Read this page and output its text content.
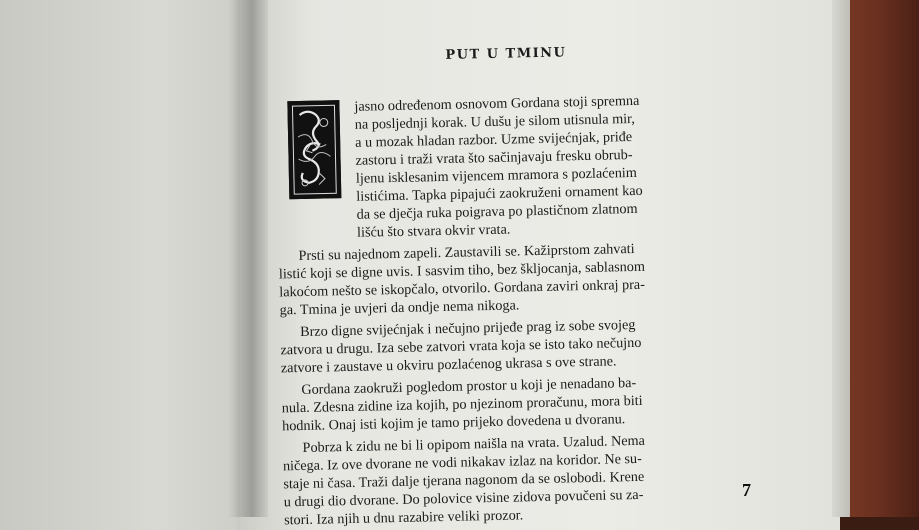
PUT U TMINU
jasno određenom osnovom Gordana stoji spremna
na posljednji korak. U dušu je silom utisnula mir,
a u mozak hladan razbor. Uzme svijećnjak, priđe
zastoru i traži vrata što sačinjavaju fresku obrub-
ljenu isklesanim vijencem mramora s pozlaćenim
listićima. Tapka pipajući zaokruženi ornament kao
da se dječja ruka poigrava po plastičnom zlatnom
lišću što stvara okvir vrata.
Prsti su najednom zapeli. Zaustavili se. Kažiprstom zahvati
listić koji se digne uvis. I sasvim tiho, bez škljocanja, sablasnom
lakoćom nešto se iskopčalo, otvorilo. Gordana zaviri onkraj pra-
ga. Tmina je uvjeri da ondje nema nikoga.
Brzo digne svijećnjak i nečujno prijeđe prag iz sobe svojeg
zatvora u drugu. Iza sebe zatvori vrata koja se isto tako nečujno
zatvore i zaustave u okviru pozlaćenog ukrasa s ove strane.
Gordana zaokruži pogledom prostor u koji je nenadano ba-
nula. Zdesna zidine iza kojih, po njezinom proračunu, mora biti
hodnik. Onaj isti kojim je tamo prijeko dovedena u dvoranu.
Pobrza k zidu ne bi li opipom naišla na vrata. Uzalud. Nema
ničega. Iz ove dvorane ne vodi nikakav izlaz na koridor. Ne su-
staje ni časa. Traži dalje tjerana nagonom da se oslobodi. Krene
u drugi dio dvorane. Do polovice visine zidova povučeni su za-
stori. Iza njih u dnu razabire veliki prozor.
7
